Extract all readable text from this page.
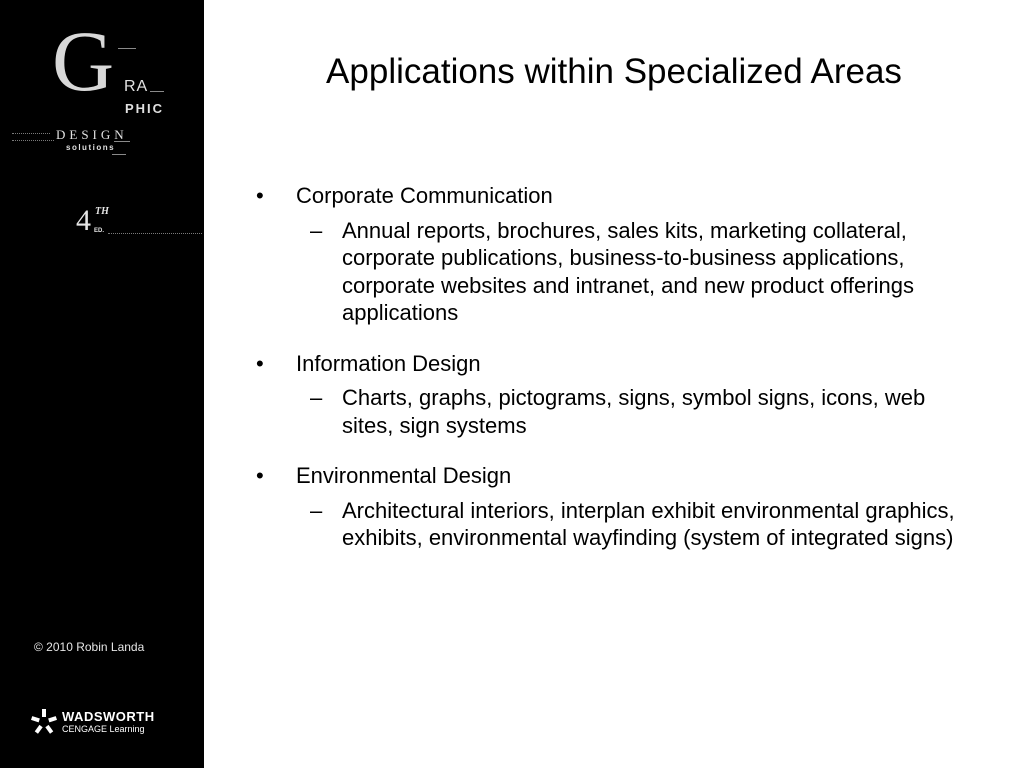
G RA
PHIC
DESIGN
solutions
4 TH
ED.
© 2010 Robin Landa
WADSWORTH
CENGAGE Learning
Applications within Specialized Areas
• Corporate Communication
– Annual reports, brochures, sales kits, marketing collateral, corporate publications, business-to-business applications, corporate websites and intranet, and new product offerings applications
• Information Design
– Charts, graphs, pictograms, signs, symbol signs, icons, web sites, sign systems
• Environmental Design
– Architectural interiors, interplan exhibit environmental graphics, exhibits, environmental wayfinding (system of integrated signs)
